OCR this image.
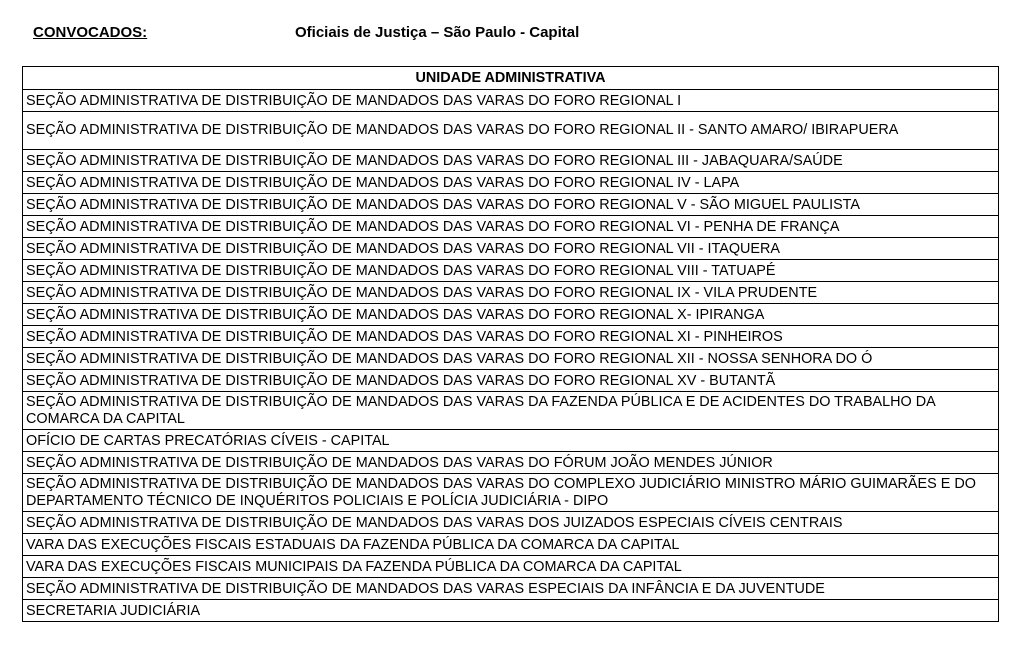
CONVOCADOS:	Oficiais de Justiça – São Paulo - Capital
UNIDADE ADMINISTRATIVA
SEÇÃO ADMINISTRATIVA DE DISTRIBUIÇÃO DE MANDADOS DAS VARAS DO FORO REGIONAL I
SEÇÃO ADMINISTRATIVA DE DISTRIBUIÇÃO DE MANDADOS DAS VARAS DO FORO REGIONAL II - SANTO AMARO/ IBIRAPUERA
SEÇÃO ADMINISTRATIVA DE DISTRIBUIÇÃO DE MANDADOS DAS VARAS DO FORO REGIONAL III - JABAQUARA/SAÚDE
SEÇÃO ADMINISTRATIVA DE DISTRIBUIÇÃO DE MANDADOS DAS VARAS DO FORO REGIONAL IV - LAPA
SEÇÃO ADMINISTRATIVA DE DISTRIBUIÇÃO DE MANDADOS DAS VARAS DO FORO REGIONAL V - SÃO MIGUEL PAULISTA
SEÇÃO ADMINISTRATIVA DE DISTRIBUIÇÃO DE MANDADOS DAS VARAS DO FORO REGIONAL VI - PENHA DE FRANÇA
SEÇÃO ADMINISTRATIVA DE DISTRIBUIÇÃO DE MANDADOS DAS VARAS DO FORO REGIONAL VII - ITAQUERA
SEÇÃO ADMINISTRATIVA DE DISTRIBUIÇÃO DE MANDADOS DAS VARAS DO FORO REGIONAL VIII - TATUAPÉ
SEÇÃO ADMINISTRATIVA DE DISTRIBUIÇÃO DE MANDADOS DAS VARAS DO FORO REGIONAL IX - VILA PRUDENTE
SEÇÃO ADMINISTRATIVA DE DISTRIBUIÇÃO DE MANDADOS DAS VARAS DO FORO REGIONAL X- IPIRANGA
SEÇÃO ADMINISTRATIVA DE DISTRIBUIÇÃO DE MANDADOS DAS VARAS DO FORO REGIONAL XI - PINHEIROS
SEÇÃO ADMINISTRATIVA DE DISTRIBUIÇÃO DE MANDADOS DAS VARAS DO FORO REGIONAL XII - NOSSA SENHORA DO Ó
SEÇÃO ADMINISTRATIVA DE DISTRIBUIÇÃO DE MANDADOS DAS VARAS DO FORO REGIONAL XV - BUTANTÃ
SEÇÃO ADMINISTRATIVA DE DISTRIBUIÇÃO DE MANDADOS DAS VARAS DA FAZENDA PÚBLICA E DE ACIDENTES DO TRABALHO DA COMARCA DA CAPITAL
OFÍCIO DE CARTAS PRECATÓRIAS CÍVEIS - CAPITAL
SEÇÃO ADMINISTRATIVA DE DISTRIBUIÇÃO DE MANDADOS DAS VARAS DO FÓRUM JOÃO MENDES JÚNIOR
SEÇÃO ADMINISTRATIVA DE DISTRIBUIÇÃO DE MANDADOS DAS VARAS DO COMPLEXO JUDICIÁRIO MINISTRO MÁRIO GUIMARÃES E DO DEPARTAMENTO TÉCNICO DE INQUÉRITOS POLICIAIS E POLÍCIA JUDICIÁRIA - DIPO
SEÇÃO ADMINISTRATIVA DE DISTRIBUIÇÃO DE MANDADOS DAS VARAS DOS JUIZADOS ESPECIAIS CÍVEIS CENTRAIS
VARA DAS EXECUÇÕES FISCAIS ESTADUAIS DA FAZENDA PÚBLICA DA COMARCA DA CAPITAL
VARA DAS EXECUÇÕES FISCAIS MUNICIPAIS DA FAZENDA PÚBLICA DA COMARCA DA CAPITAL
SEÇÃO ADMINISTRATIVA DE DISTRIBUIÇÃO DE MANDADOS DAS VARAS ESPECIAIS DA INFÂNCIA E DA JUVENTUDE
SECRETARIA JUDICIÁRIA
